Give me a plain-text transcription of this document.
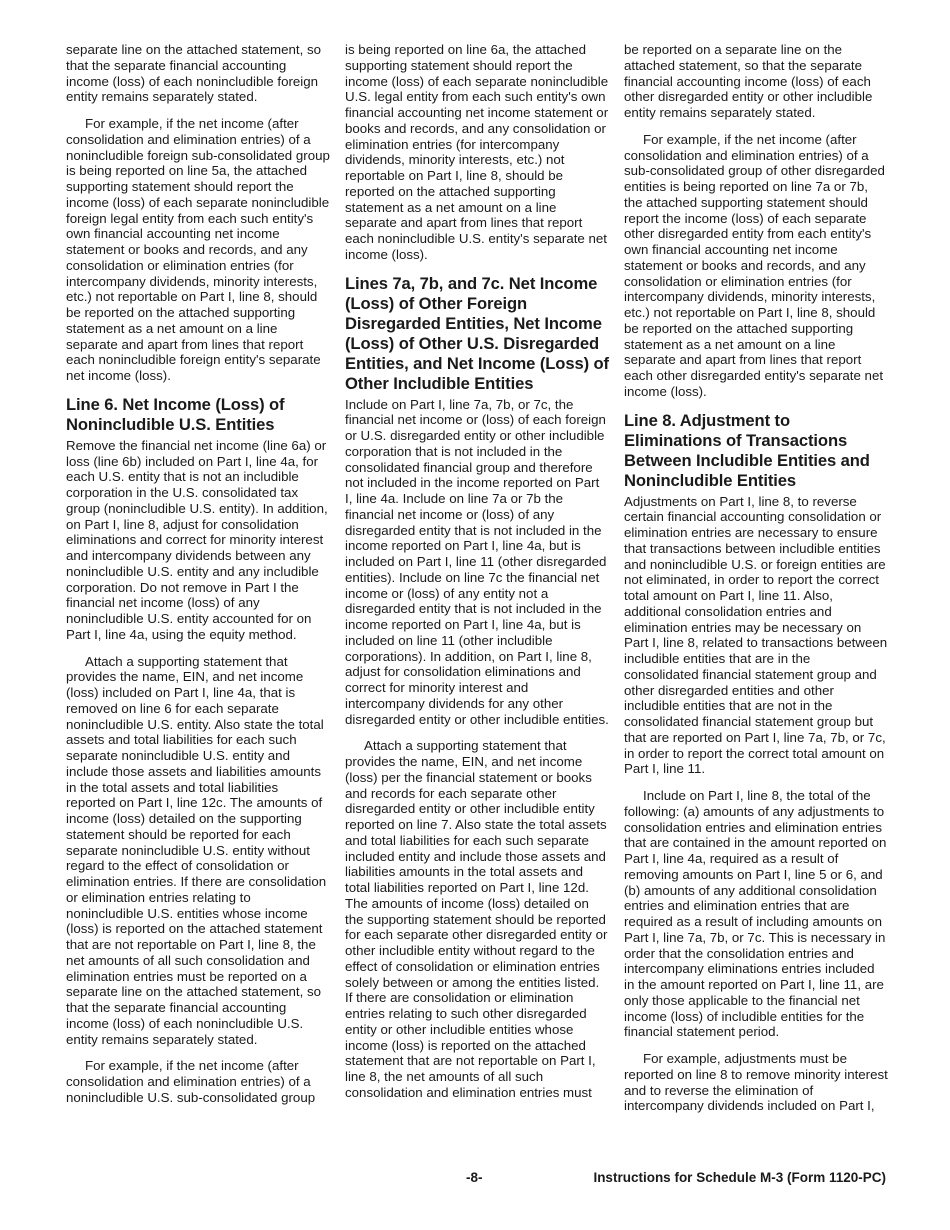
separate line on the attached statement, so that the separate financial accounting income (loss) of each nonincludible foreign entity remains separately stated.

For example, if the net income (after consolidation and elimination entries) of a nonincludible foreign sub-consolidated group is being reported on line 5a, the attached supporting statement should report the income (loss) of each separate nonincludible foreign legal entity from each such entity's own financial accounting net income statement or books and records, and any consolidation or elimination entries (for intercompany dividends, minority interests, etc.) not reportable on Part I, line 8, should be reported on the attached supporting statement as a net amount on a line separate and apart from lines that report each nonincludible foreign entity's separate net income (loss).

Line 6. Net Income (Loss) of Nonincludible U.S. Entities

Remove the financial net income (line 6a) or loss (line 6b) included on Part I, line 4a, for each U.S. entity that is not an includible corporation in the U.S. consolidated tax group (nonincludible U.S. entity). In addition, on Part I, line 8, adjust for consolidation eliminations and correct for minority interest and intercompany dividends between any nonincludible U.S. entity and any includible corporation. Do not remove in Part I the financial net income (loss) of any nonincludible U.S. entity accounted for on Part I, line 4a, using the equity method.

Attach a supporting statement that provides the name, EIN, and net income (loss) included on Part I, line 4a, that is removed on line 6 for each separate nonincludible U.S. entity. Also state the total assets and total liabilities for each such separate nonincludible U.S. entity and include those assets and liabilities amounts in the total assets and total liabilities reported on Part I, line 12c. The amounts of income (loss) detailed on the supporting statement should be reported for each separate nonincludible U.S. entity without regard to the effect of consolidation or elimination entries. If there are consolidation or elimination entries relating to nonincludible U.S. entities whose income (loss) is reported on the attached statement that are not reportable on Part I, line 8, the net amounts of all such consolidation and elimination entries must be reported on a separate line on the attached statement, so that the separate financial accounting income (loss) of each nonincludible U.S. entity remains separately stated.

For example, if the net income (after consolidation and elimination entries) of a nonincludible U.S. sub-consolidated group

is being reported on line 6a, the attached supporting statement should report the income (loss) of each separate nonincludible U.S. legal entity from each such entity's own financial accounting net income statement or books and records, and any consolidation or elimination entries (for intercompany dividends, minority interests, etc.) not reportable on Part I, line 8, should be reported on the attached supporting statement as a net amount on a line separate and apart from lines that report each nonincludible U.S. entity's separate net income (loss).

Lines 7a, 7b, and 7c. Net Income (Loss) of Other Foreign Disregarded Entities, Net Income (Loss) of Other U.S. Disregarded Entities, and Net Income (Loss) of Other Includible Entities

Include on Part I, line 7a, 7b, or 7c, the financial net income or (loss) of each foreign or U.S. disregarded entity or other includible corporation that is not included in the consolidated financial group and therefore not included in the income reported on Part I, line 4a. Include on line 7a or 7b the financial net income or (loss) of any disregarded entity that is not included in the income reported on Part I, line 4a, but is included on Part I, line 11 (other disregarded entities). Include on line 7c the financial net income or (loss) of any entity not a disregarded entity that is not included in the income reported on Part I, line 4a, but is included on line 11 (other includible corporations). In addition, on Part I, line 8, adjust for consolidation eliminations and correct for minority interest and intercompany dividends for any other disregarded entity or other includible entities.

Attach a supporting statement that provides the name, EIN, and net income (loss) per the financial statement or books and records for each separate other disregarded entity or other includible entity reported on line 7. Also state the total assets and total liabilities for each such separate included entity and include those assets and liabilities amounts in the total assets and total liabilities reported on Part I, line 12d. The amounts of income (loss) detailed on the supporting statement should be reported for each separate other disregarded entity or other includible entity without regard to the effect of consolidation or elimination entries solely between or among the entities listed. If there are consolidation or elimination entries relating to such other disregarded entity or other includible entities whose income (loss) is reported on the attached statement that are not reportable on Part I, line 8, the net amounts of all such consolidation and elimination entries must

be reported on a separate line on the attached statement, so that the separate financial accounting income (loss) of each other disregarded entity or other includible entity remains separately stated.

For example, if the net income (after consolidation and elimination entries) of a sub-consolidated group of other disregarded entities is being reported on line 7a or 7b, the attached supporting statement should report the income (loss) of each separate other disregarded entity from each entity's own financial accounting net income statement or books and records, and any consolidation or elimination entries (for intercompany dividends, minority interests, etc.) not reportable on Part I, line 8, should be reported on the attached supporting statement as a net amount on a line separate and apart from lines that report each other disregarded entity's separate net income (loss).

Line 8. Adjustment to Eliminations of Transactions Between Includible Entities and Nonincludible Entities

Adjustments on Part I, line 8, to reverse certain financial accounting consolidation or elimination entries are necessary to ensure that transactions between includible entities and nonincludible U.S. or foreign entities are not eliminated, in order to report the correct total amount on Part I, line 11. Also, additional consolidation entries and elimination entries may be necessary on Part I, line 8, related to transactions between includible entities that are in the consolidated financial statement group and other disregarded entities and other includible entities that are not in the consolidated financial statement group but that are reported on Part I, line 7a, 7b, or 7c, in order to report the correct total amount on Part I, line 11.

Include on Part I, line 8, the total of the following: (a) amounts of any adjustments to consolidation entries and elimination entries that are contained in the amount reported on Part I, line 4a, required as a result of removing amounts on Part I, line 5 or 6, and (b) amounts of any additional consolidation entries and elimination entries that are required as a result of including amounts on Part I, line 7a, 7b, or 7c. This is necessary in order that the consolidation entries and intercompany eliminations entries included in the amount reported on Part I, line 11, are only those applicable to the financial net income (loss) of includible entities for the financial statement period.

For example, adjustments must be reported on line 8 to remove minority interest and to reverse the elimination of intercompany dividends included on Part I,

-8-	Instructions for Schedule M-3 (Form 1120-PC)
